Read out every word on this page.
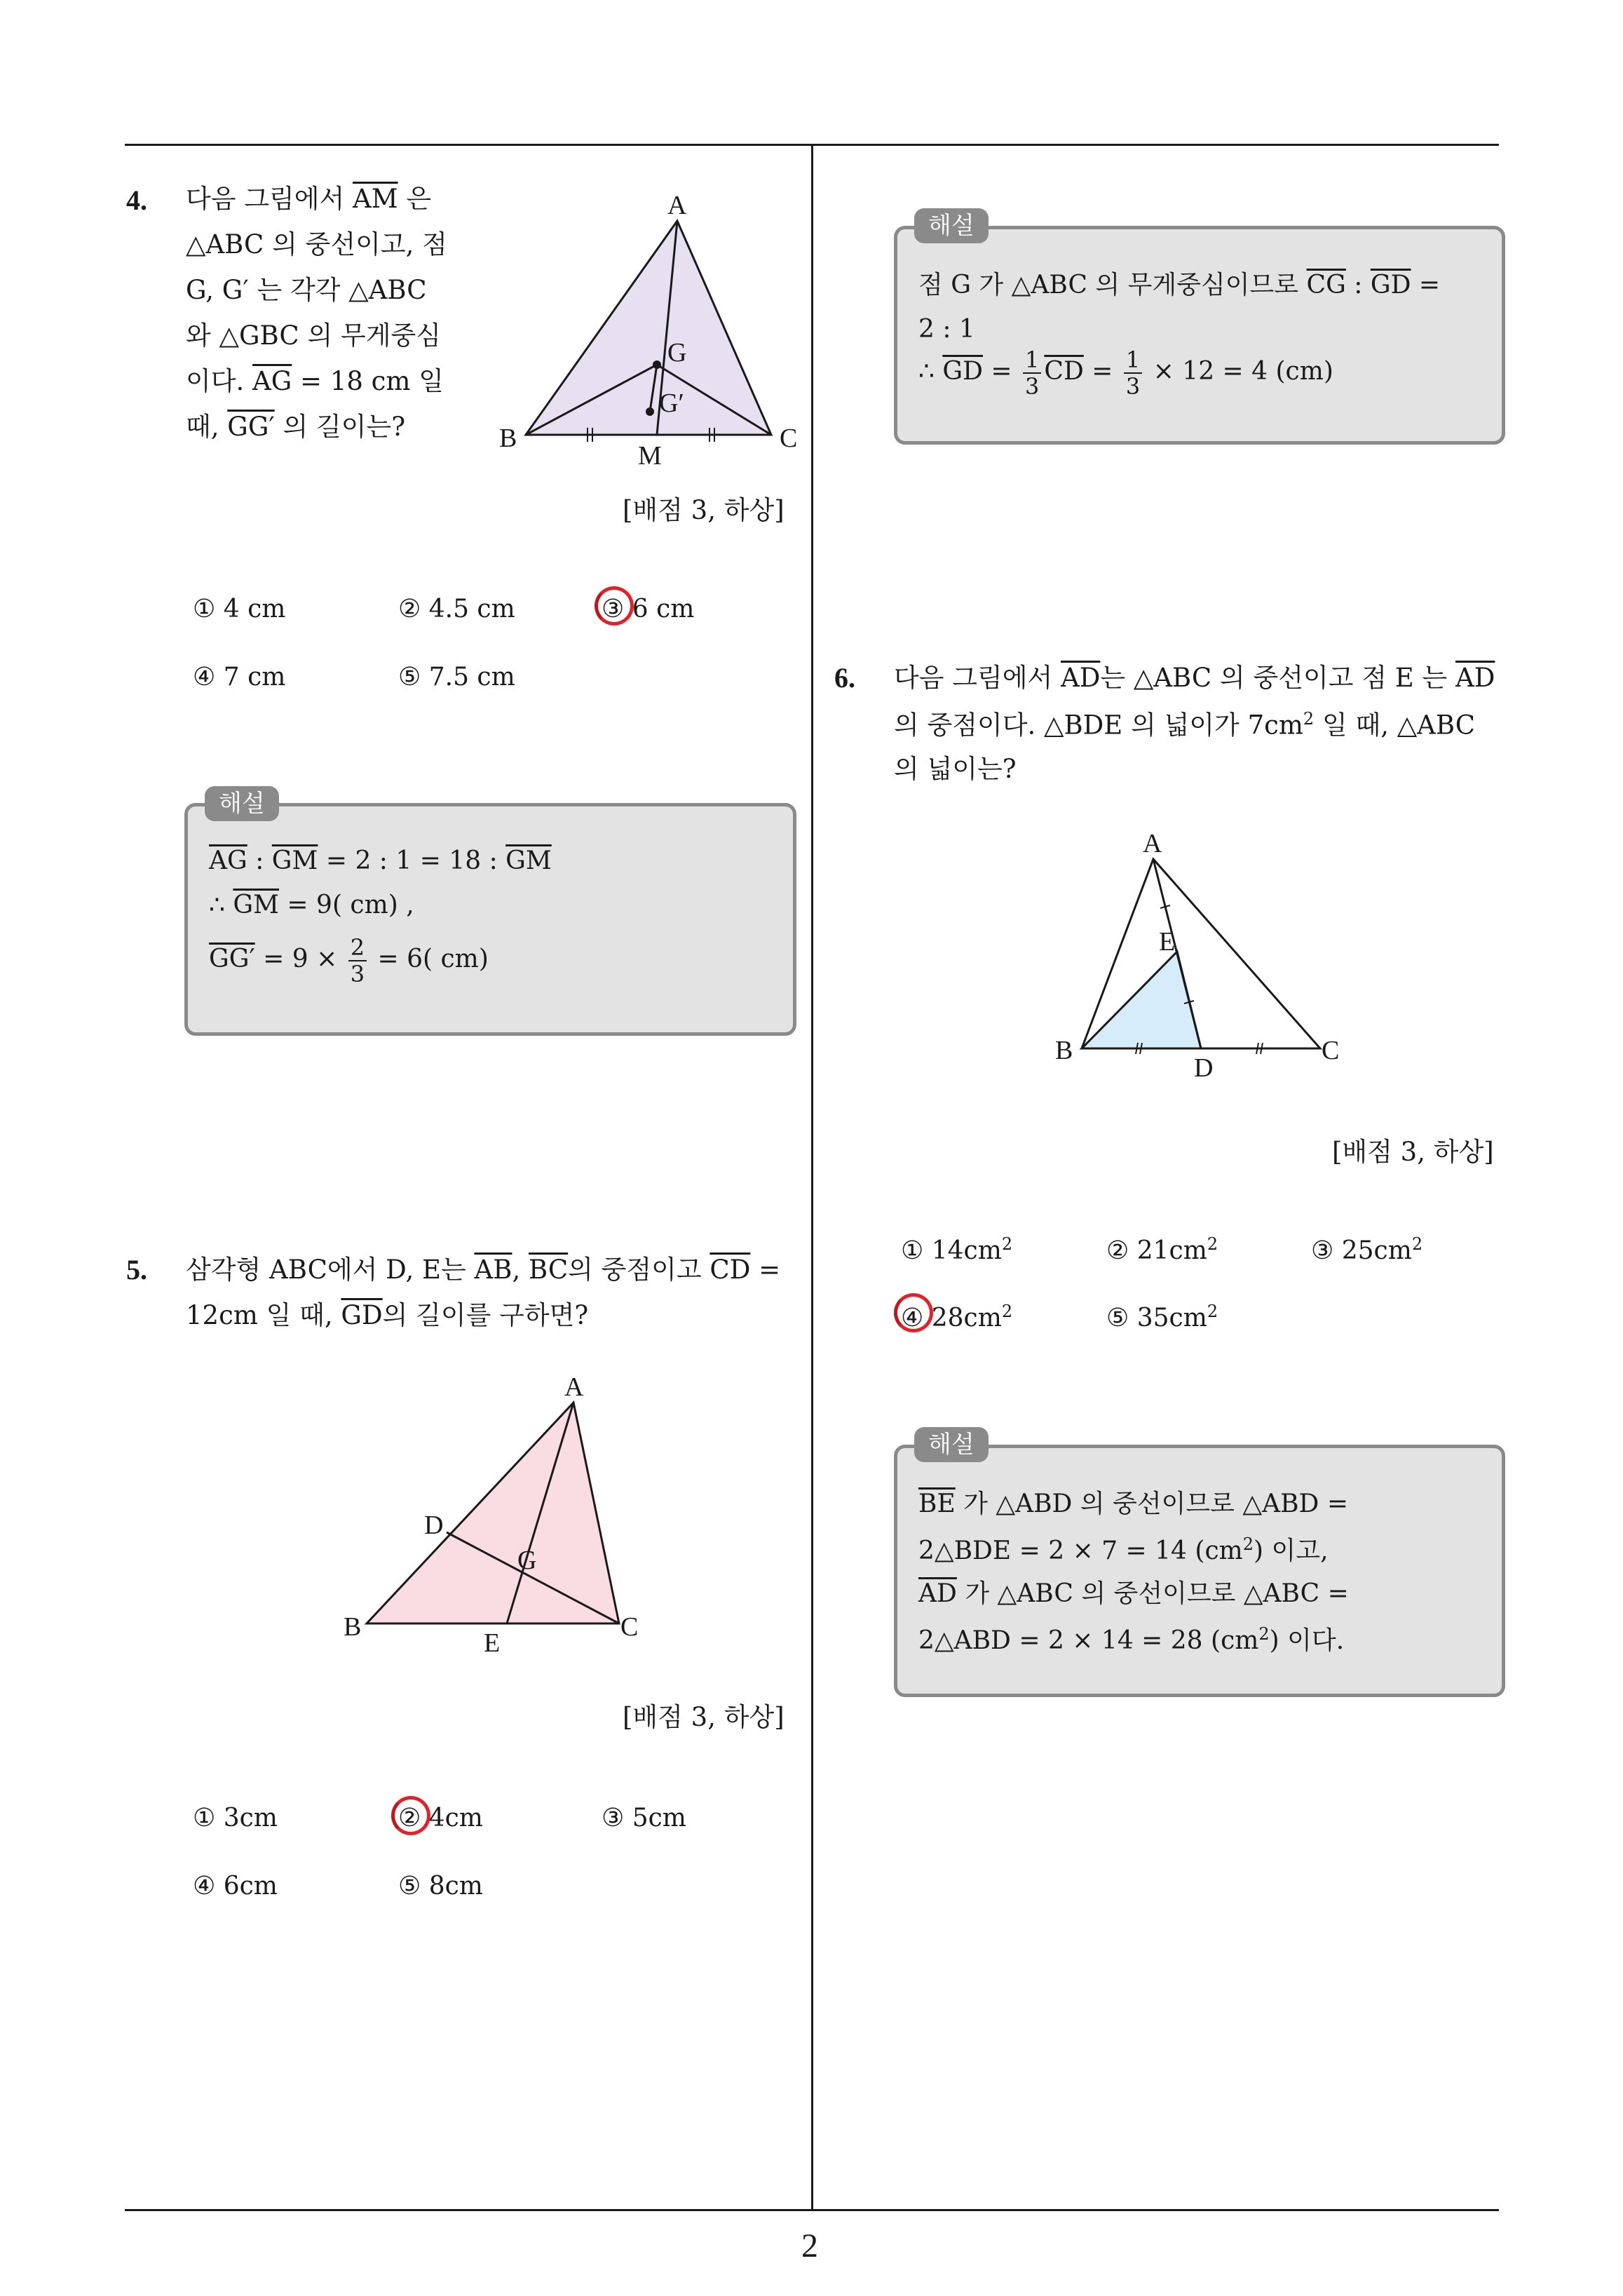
4. 다음 그림에서 $\overline{AM}$ 은
△ABC 의 중선이고, 점
G, G′ 는 각각 △ABC
와 △GBC 의 무게중심
이다. $\overline{AG} = 18$ cm 일
때, GG′ 의 길이는?
A
B	C
M
G
G′
[배점 3, 하상]
① 4 cm	② 4.5 cm	③ 6 cm
④ 7 cm	⑤ 7.5 cm
$\overline{AG}$ : $\overline{GM} = 2$ : 1 = 18 : $\overline{GM}$
∴ $\overline{GM} = 9$( cm) ,
$GG' = 9 \times \frac{2}{3} = 6$( cm)
해설
5. 삼각형 ABC에서 D, E는 $\overline{AB}$, $\overline{BC}$의 중점이고 $\overline{CD}$ =
12cm 일 때, $\overline{GD}$의 길이를 구하면?
A
B	C
D
E
G
[배점 3, 하상]
① 3cm	② 4cm	③ 5cm
④ 6cm	⑤ 8cm
점 G 가 △ABC 의 무게중심이므로 $\overline{CG}$ : $\overline{GD}$ =
2 : 1
∴ $\overline{GD} = \frac{1}{3} \overline{CD} = \frac{1}{3} \times 12 = 4$ (cm)
해설
6. 다음 그림에서 $\overline{AD}$는 △ABC 의 중선이고 점 E 는 $\overline{AD}$
의 중점이다. △BDE 의 넓이가 $7cm^2$ 일 때, △ABC
의 넓이는?
A
B	C
D
E
[배점 3, 하상]
① $14cm^2$	② $21cm^2$	③ $25cm^2$
④ $28cm^2$	⑤ $35cm^2$
$\overline{BE}$ 가 △ABD 의 중선이므로 △ABD =
2△BDE = 2 × 7 = 14 $(cm^2)$ 이고,
$\overline{AD}$ 가 △ABC 의 중선이므로 △ABC =
2△ABD = 2 × 14 = 28 $(cm^2)$ 이다.
해설
2
